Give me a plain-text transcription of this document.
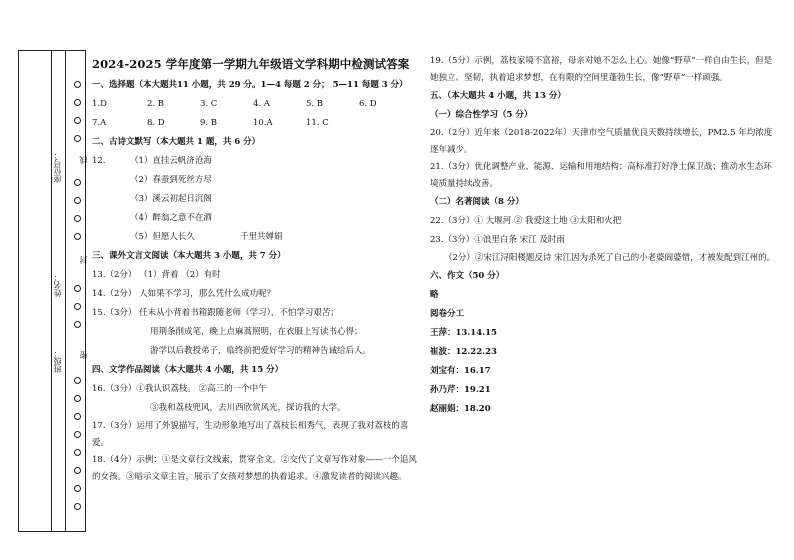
座位号：
姓名：
班级：
线
封
密
2024-2025 学年度第一学期九年级语文学科期中检测试答案
一、选择题（本大题共11 小题，共 29 分。1—4 每题 2 分； 5—11 每题 3 分）
1.D	2. B	3. C	4. A	5. B	6. D
7.A	8. D	9. B	10.A	11. C
二、古诗文默写（本大题共 1 题，共 6 分）
12.	（1）直挂云帆济沧海
（2）春蚕到死丝方尽
（3）溪云初起日沉阁
（4）醉翁之意不在酒
（5）但愿人长久	千里共婵娟
三、课外文言文阅读（本大题共 3 小题，共 7 分）
13.（2分） （1）背着 （2）有时
14.（2分） 人如果不学习，那么凭什么成功呢？
15.（3分） 任末从小背着书箱跟随老师（学习），不怕学习艰苦；
用荆条削成笔，晚上点麻蒿照明，在衣服上写读书心得；
游学以后教授弟子，临终前把爱好学习的精神告诫给后人。
四、文学作品阅读（本大题共 4 小题，共 15 分）
16.（3分）①我认识荔枝。 ②高三的一个中午
③我和荔枝兜风，去川西欣赏风光，探访我的大学。
17.（3分）运用了外貌描写，生动形象地写出了荔枝长相秀气，表现了我对荔枝的喜爱。
18.（4分）示例：①是文章行文线索，贯穿全文。②交代了文章写作对象——一个追风的女孩。③暗示文章主旨，展示了女孩对梦想的执着追求。④激发读者的阅读兴趣。
19.（5分）示例，荔枝家境不富裕，母亲对她不怎么上心。她像“野草”一样自由生长，但是她独立、坚韧，执着追求梦想，在有限的空间里蓬勃生长，像“野草”一样顽强。
五、（本大题共 4 小题，共 13 分）
（一）综合性学习（5 分）
20.（2分）近年来（2018-2022年）天津市空气质量优良天数持续增长，PM2.5 年均浓度逐年减少。
21.（3分）优化调整产业、能源、运输和用地结构；高标准打好净土保卫战；推动水生态环境质量持续改善。
（二）名著阅读（8 分）
22.（3分）① 大堰河 ② 我爱这土地 ③太阳和火把
23.（3分）①浪里白条 宋江 及时雨
（2分）②宋江浔阳楼题反诗 宋江因为杀死了自己的小老婆阎婆惜，才被发配到江州的。
六、作文（50 分）
略
阅卷分工
王萍：13.14.15
崔波：12.22.23
刘宝有：16.17
孙乃芹：19.21
赵丽娟：18.20
